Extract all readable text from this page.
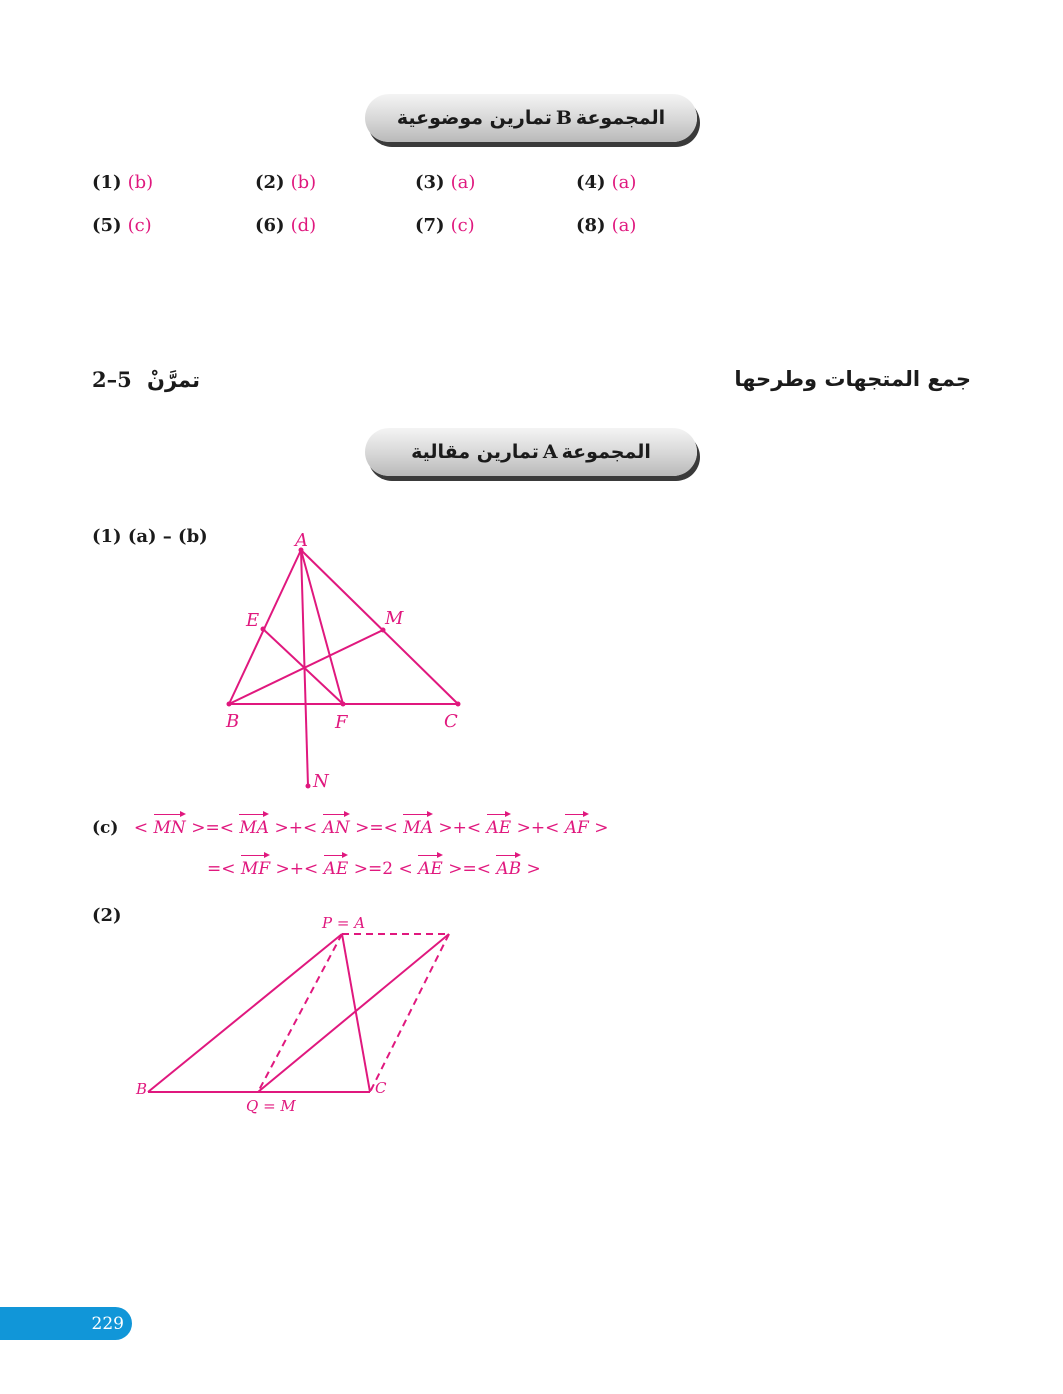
المجموعة
B
تمارين موضوعية
(1) (b)	(2) (b)	(3) (a)	(4) (a)
(5) (c)	(6) (d)	(7) (c)	(8) (a)
جمع المتجهات وطرحها
2–5 تمرَّنْ
المجموعة
A
تمارين مقالية
(1) (a) – (b)	A
E	M
B	F	C
N
P = A
B	C
Q = M
(c) < MN >=< MA >+< AN >=< MA >+< AE >+< AF >
=< MF >+< AE >=2 < AE >=< AB >
(2)
229
